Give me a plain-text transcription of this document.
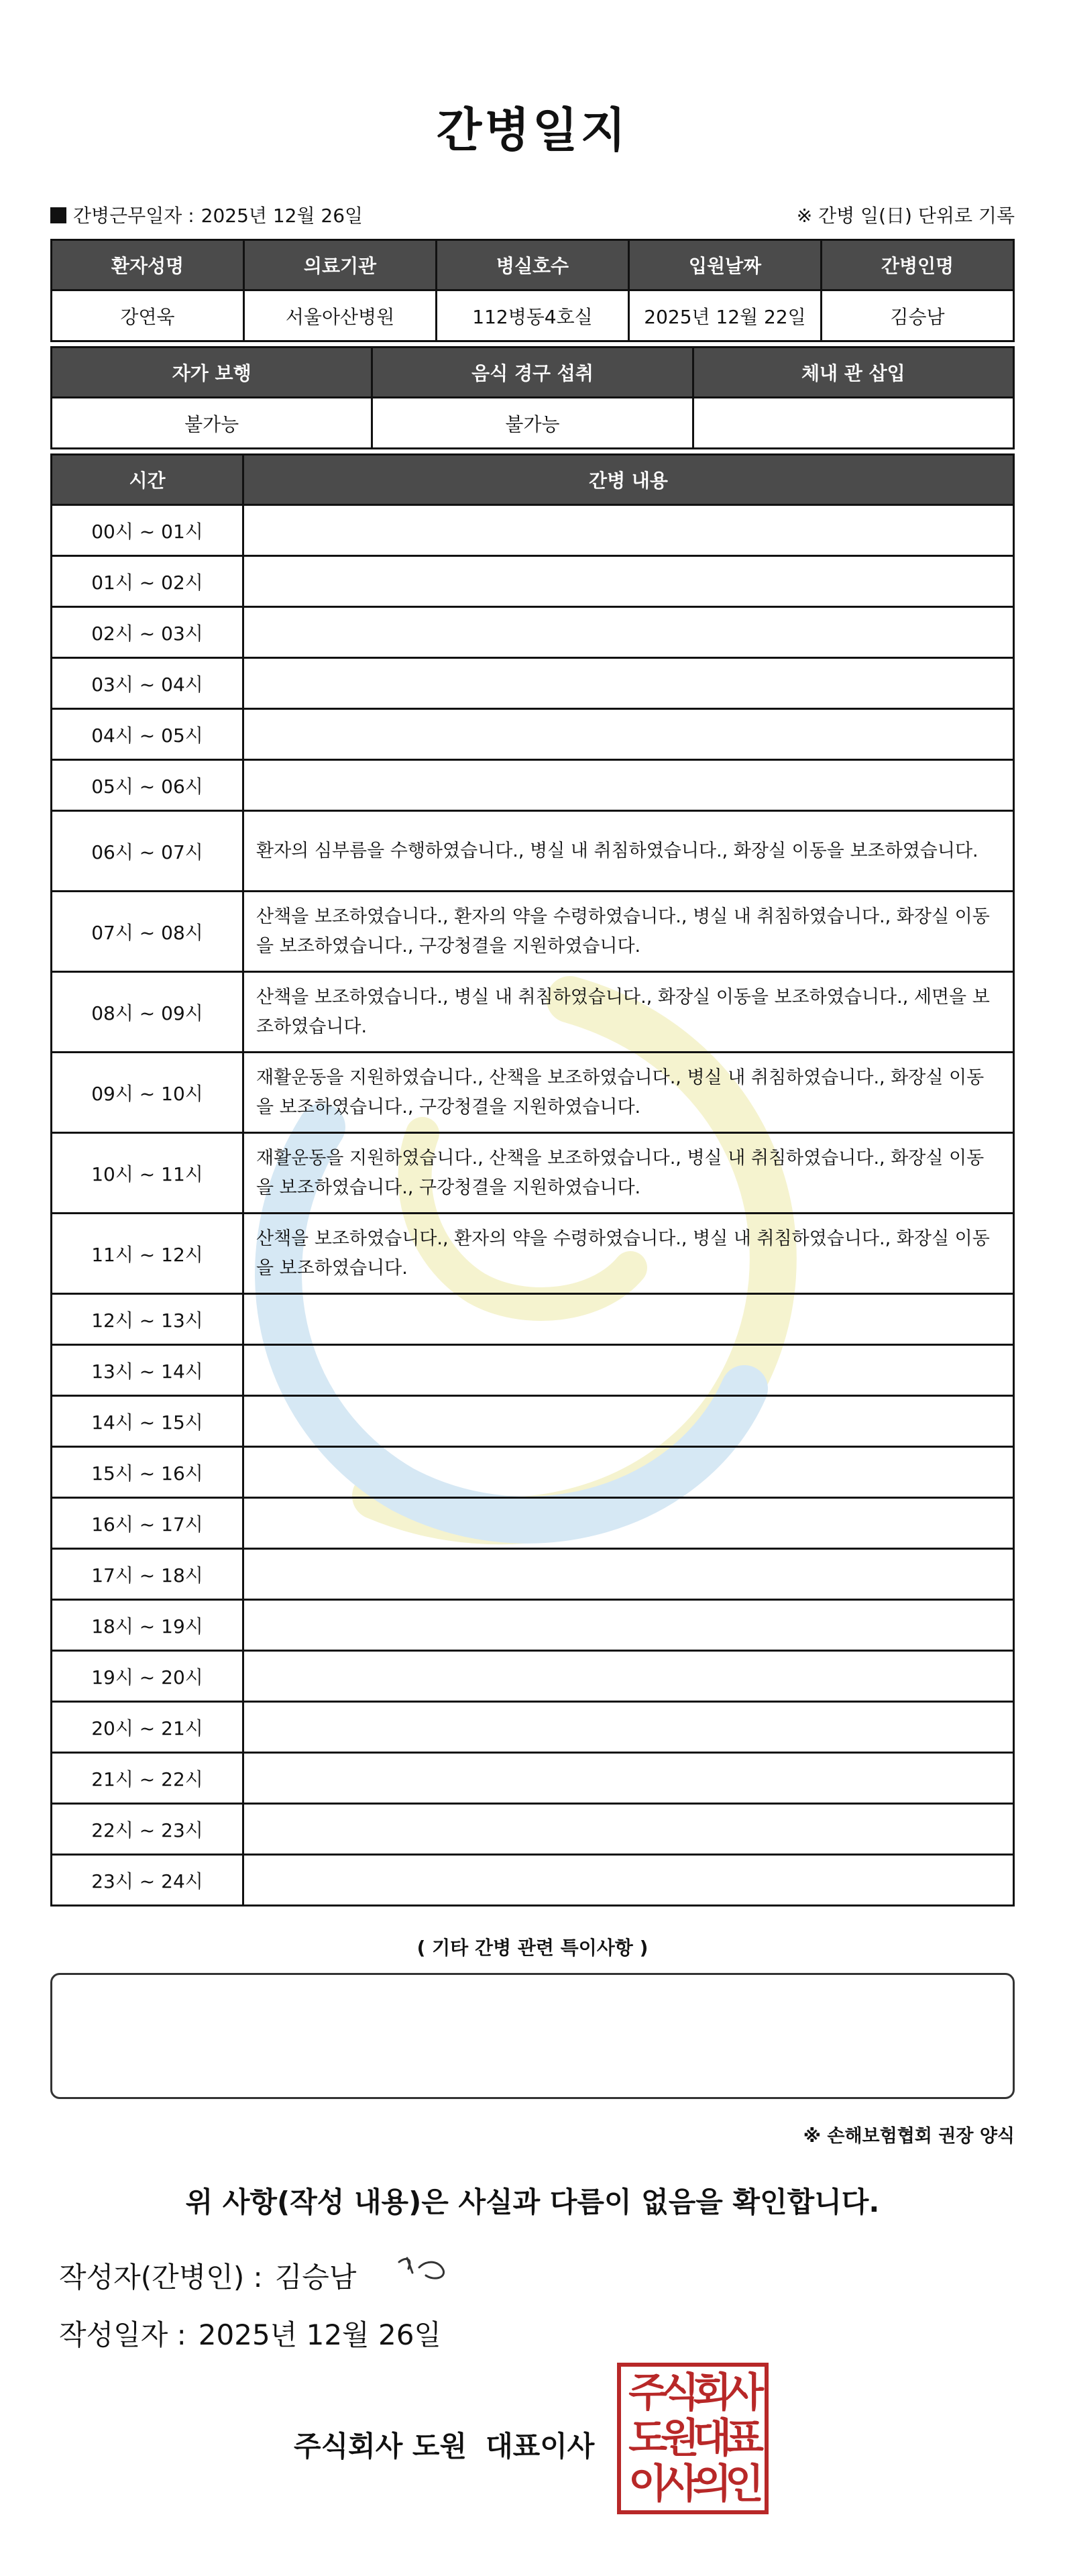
간병일지
간병근무일자 : 2025년 12월 26일	※ 간병 일(日) 단위로 기록
환자성명	의료기관	병실호수	입원날짜	간병인명
강연욱	서울아산병원	112병동4호실	2025년 12월 22일	김승남
자가 보행	음식 경구 섭취	체내 관 삽입
불가능	불가능	
시간	간병 내용
00시 ~ 01시	
01시 ~ 02시	
02시 ~ 03시	
03시 ~ 04시	
04시 ~ 05시	
05시 ~ 06시	
06시 ~ 07시	환자의 심부름을 수행하였습니다., 병실 내 취침하였습니다., 화장실 이동을 보조하였습니다.
07시 ~ 08시	산책을 보조하였습니다., 환자의 약을 수령하였습니다., 병실 내 취침하였습니다., 화장실 이동을 보조하였습니다., 구강청결을 지원하였습니다.
08시 ~ 09시	산책을 보조하였습니다., 병실 내 취침하였습니다., 화장실 이동을 보조하였습니다., 세면을 보조하였습니다.
09시 ~ 10시	재활운동을 지원하였습니다., 산책을 보조하였습니다., 병실 내 취침하였습니다., 화장실 이동을 보조하였습니다., 구강청결을 지원하였습니다.
10시 ~ 11시	재활운동을 지원하였습니다., 산책을 보조하였습니다., 병실 내 취침하였습니다., 화장실 이동을 보조하였습니다., 구강청결을 지원하였습니다.
11시 ~ 12시	산책을 보조하였습니다., 환자의 약을 수령하였습니다., 병실 내 취침하였습니다., 화장실 이동을 보조하였습니다.
12시 ~ 13시	
13시 ~ 14시	
14시 ~ 15시	
15시 ~ 16시	
16시 ~ 17시	
17시 ~ 18시	
18시 ~ 19시	
19시 ~ 20시	
20시 ~ 21시	
21시 ~ 22시	
22시 ~ 23시	
23시 ~ 24시	
( 기타 간병 관련 특이사항 )
※ 손해보험협회 권장 양식
위 사항(작성 내용)은 사실과 다름이 없음을 확인합니다.
작성자(간병인) : 김승남
작성일자 : 2025년 12월 26일
주식회사 도원 대표이사
주식회사
도원대표
이사의인
